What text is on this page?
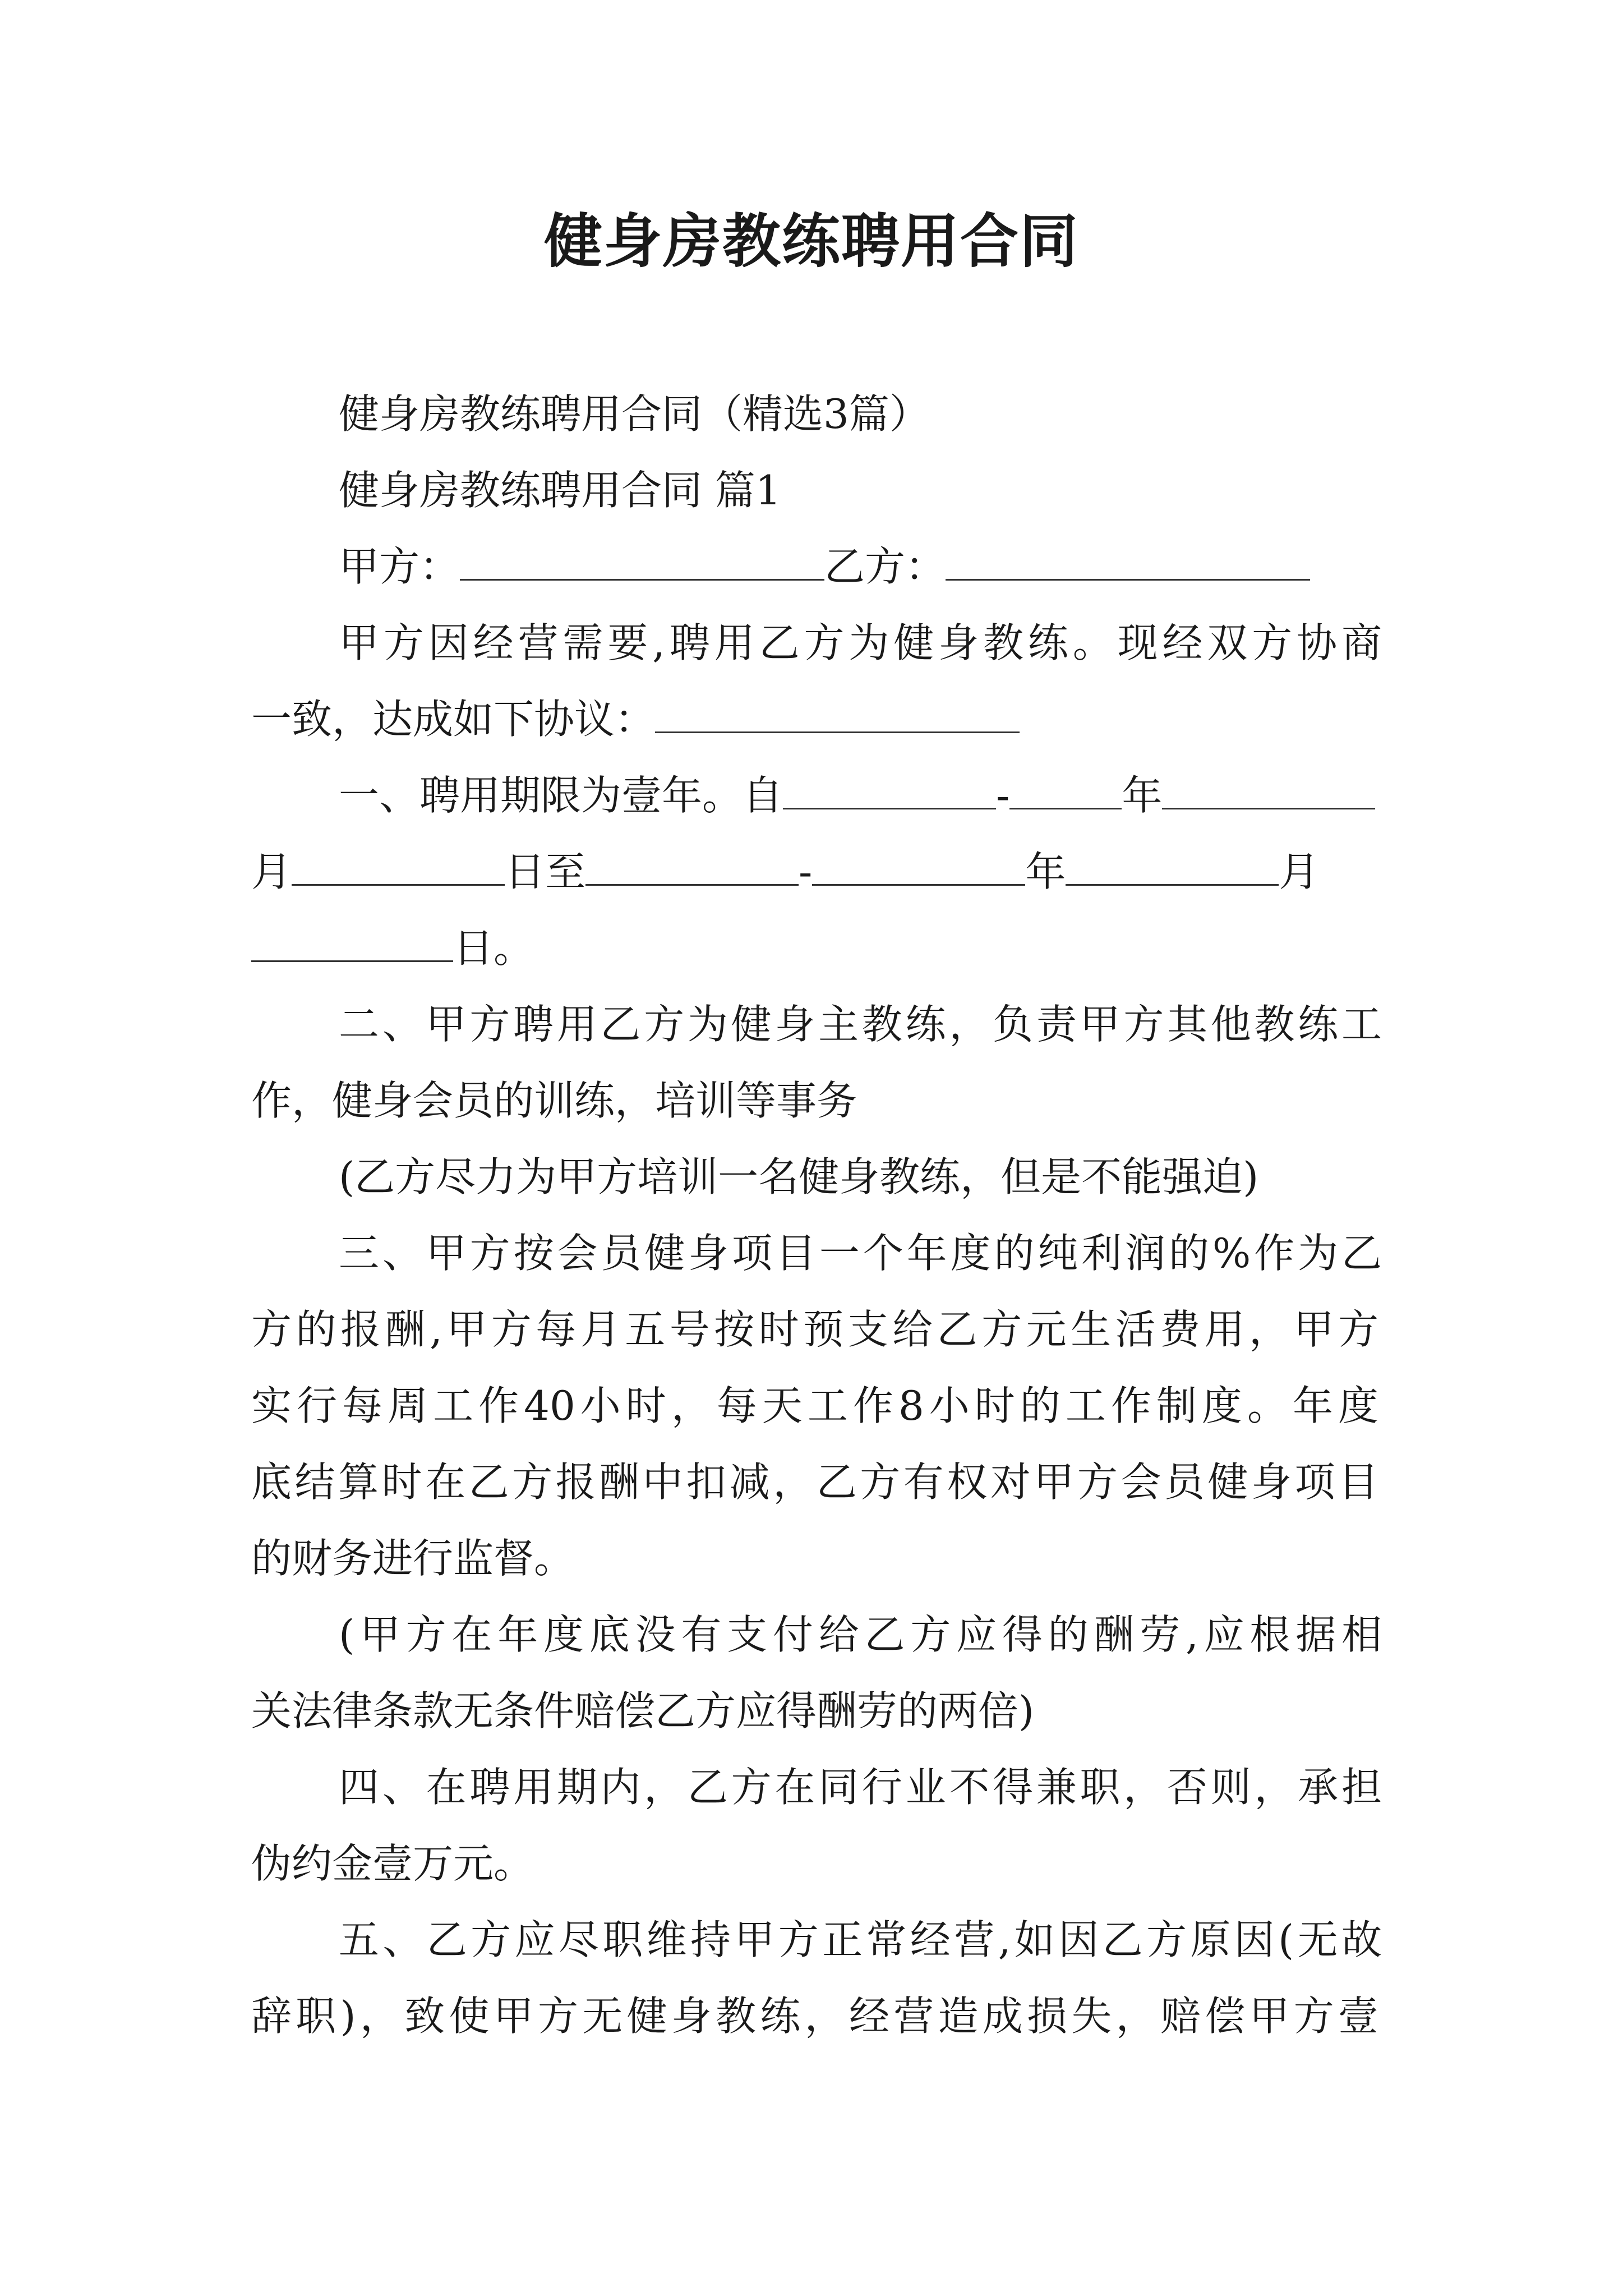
健身房教练聘用合同

健身房教练聘用合同（精选3篇）

健身房教练聘用合同 篇1

甲方：	乙方：

甲方因经营需要,聘用乙方为健身教练。现经双方协商

一致，达成如下协议：

一、聘用期限为壹年。自	-	年

月	日至	-	年	月

日。

二、甲方聘用乙方为健身主教练，负责甲方其他教练工

作，健身会员的训练，培训等事务

(乙方尽力为甲方培训一名健身教练，但是不能强迫)

三、甲方按会员健身项目一个年度的纯利润的%作为乙

方的报酬,甲方每月五号按时预支给乙方元生活费用，甲方

实行每周工作40小时，每天工作8小时的工作制度。年度

底结算时在乙方报酬中扣减，乙方有权对甲方会员健身项目

的财务进行监督。

(甲方在年度底没有支付给乙方应得的酬劳,应根据相

关法律条款无条件赔偿乙方应得酬劳的两倍)

四、在聘用期内，乙方在同行业不得兼职，否则，承担

伪约金壹万元。

五、乙方应尽职维持甲方正常经营,如因乙方原因(无故

辞职)，致使甲方无健身教练，经营造成损失，赔偿甲方壹
